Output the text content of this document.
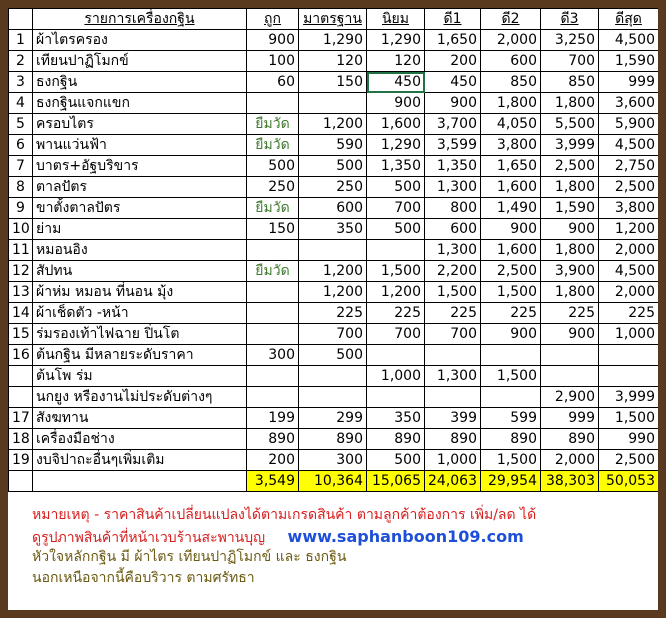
	รายการเครื่องกฐิน	ถูก	มาตรฐาน	นิยม	ดี1	ดี2	ดี3	ดีสุด
1	ผ้าไตรครอง	900	1,290	1,290	1,650	2,000	3,250	4,500
2	เทียนปาฏิโมกข์	100	120	120	200	600	700	1,590
3	ธงกฐิน	60	150	450	450	850	850	999
4	ธงกฐินแจกแขก			900	900	1,800	1,800	3,600
5	ครอบไตร	ยืมวัด	1,200	1,600	3,700	4,050	5,500	5,900
6	พานแว่นฟ้า	ยืมวัด	590	1,290	3,599	3,800	3,999	4,500
7	บาตร+อัฐบริขาร	500	500	1,350	1,350	1,650	2,500	2,750
8	ตาลปัตร	250	250	500	1,300	1,600	1,800	2,500
9	ขาตั้งตาลปัตร	ยืมวัด	600	700	800	1,490	1,590	3,800
10	ย่าม	150	350	500	600	900	900	1,200
11	หมอนอิง				1,300	1,600	1,800	2,000
12	สัปทน	ยืมวัด	1,200	1,500	2,200	2,500	3,900	4,500
13	ผ้าห่ม หมอน ที่นอน มุ้ง		1,200	1,200	1,500	1,500	1,800	2,000
14	ผ้าเช็ดตัว -หน้า		225	225	225	225	225	225
15	ร่มรองเท้าไฟฉาย ปิ่นโต		700	700	700	900	900	1,000
16	ต้นกฐิน มีหลายระดับราคา	300	500					
	ต้นโพ ร่ม			1,000	1,300	1,500		
	นกยูง หรืองานไม่ประดับต่างๆ						2,900	3,999
17	สังฆทาน	199	299	350	399	599	999	1,500
18	เครื่องมือช่าง	890	890	890	890	890	890	990
19	งบจิปาถะอื่นๆเพิ่มเติม	200	300	500	1,000	1,500	2,000	2,500
		3,549	10,364	15,065	24,063	29,954	38,303	50,053
หมายเหตุ - ราคาสินค้าเปลี่ยนแปลงได้ตามเกรดสินค้า ตามลูกค้าต้องการ เพิ่ม/ลด ได้
ดูรูปภาพสินค้าที่หน้าเวบร้านสะพานบุญ www.saphanboon109.com
หัวใจหลักกฐิน มี ผ้าไตร เทียนปาฏิโมกข์ และ ธงกฐิน
นอกเหนือจากนี้คือบริวาร ตามศรัทธา
